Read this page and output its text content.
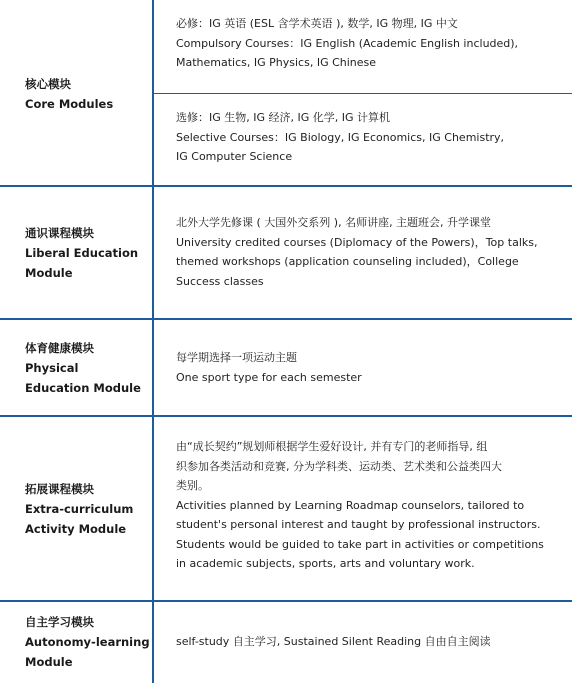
核心模块
Core Modules
必修：IG 英语 (ESL 含学术英语 ), 数学, IG 物理, IG 中文
Compulsory Courses：IG English (Academic English included),
Mathematics, IG Physics, IG Chinese
选修：IG 生物, IG 经济, IG 化学, IG 计算机
Selective Courses：IG Biology, IG Economics, IG Chemistry,
IG Computer Science
通识课程模块
Liberal Education
Module
北外大学先修课 ( 大国外交系列 ), 名师讲座, 主题班会, 升学课堂
University credited courses (Diplomacy of the Powers)，Top talks,
themed workshops (application counseling included)，College
Success classes
体育健康模块
Physical
Education Module
每学期选择一项运动主题
One sport type for each semester
拓展课程模块
Extra-curriculum
Activity Module
由“成长契约”规划师根据学生爱好设计, 并有专门的老师指导, 组
织参加各类活动和竞赛, 分为学科类、运动类、艺术类和公益类四大
类别。
Activities planned by Learning Roadmap counselors, tailored to
student's personal interest and taught by professional instructors.
Students would be guided to take part in activities or competitions
in academic subjects, sports, arts and voluntary work.
自主学习模块
Autonomy-learning
Module
self-study 自主学习, Sustained Silent Reading 自由自主阅读
